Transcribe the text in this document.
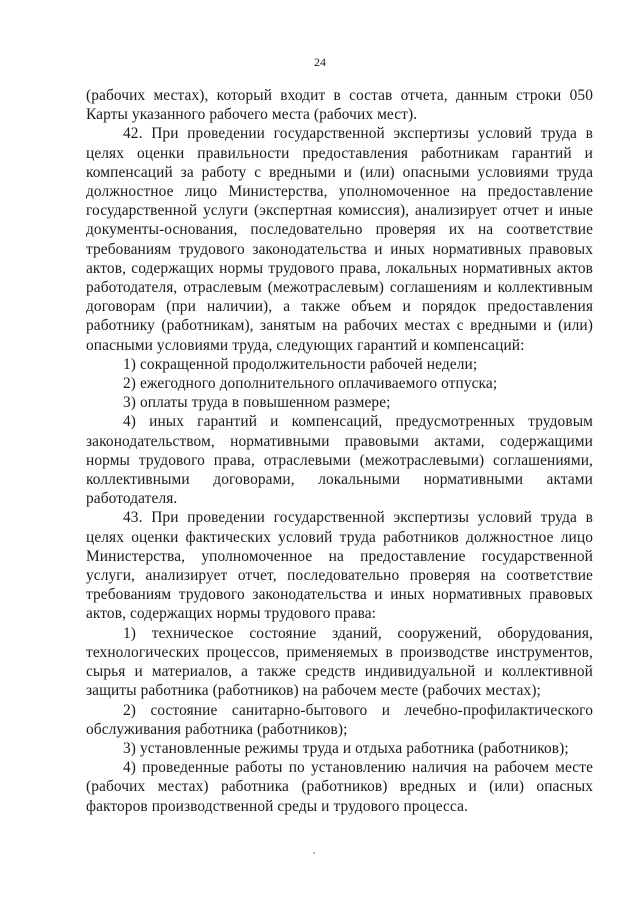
24

(рабочих местах), который входит в состав отчета, данным строки 050 Карты указанного рабочего места (рабочих мест).

42. При проведении государственной экспертизы условий труда в целях оценки правильности предоставления работникам гарантий и компенсаций за работу с вредными и (или) опасными условиями труда должностное лицо Министерства, уполномоченное на предоставление государственной услуги (экспертная комиссия), анализирует отчет и иные документы-основания, последовательно проверяя их на соответствие требованиям трудового законодательства и иных нормативных правовых актов, содержащих нормы трудового права, локальных нормативных актов работодателя, отраслевым (межотраслевым) соглашениям и коллективным договорам (при наличии), а также объем и порядок предоставления работнику (работникам), занятым на рабочих местах с вредными и (или) опасными условиями труда, следующих гарантий и компенсаций:

1) сокращенной продолжительности рабочей недели;

2) ежегодного дополнительного оплачиваемого отпуска;

3) оплаты труда в повышенном размере;

4) иных гарантий и компенсаций, предусмотренных трудовым законодательством, нормативными правовыми актами, содержащими нормы трудового права, отраслевыми (межотраслевыми) соглашениями, коллективными договорами, локальными нормативными актами работодателя.

43. При проведении государственной экспертизы условий труда в целях оценки фактических условий труда работников должностное лицо Министерства, уполномоченное на предоставление государственной услуги, анализирует отчет, последовательно проверяя на соответствие требованиям трудового законодательства и иных нормативных правовых актов, содержащих нормы трудового права:

1) техническое состояние зданий, сооружений, оборудования, технологических процессов, применяемых в производстве инструментов, сырья и материалов, а также средств индивидуальной и коллективной защиты работника (работников) на рабочем месте (рабочих местах);

2) состояние санитарно-бытового и лечебно-профилактического обслуживания работника (работников);

3) установленные режимы труда и отдыха работника (работников);

4) проведенные работы по установлению наличия на рабочем месте (рабочих местах) работника (работников) вредных и (или) опасных факторов производственной среды и трудового процесса.
